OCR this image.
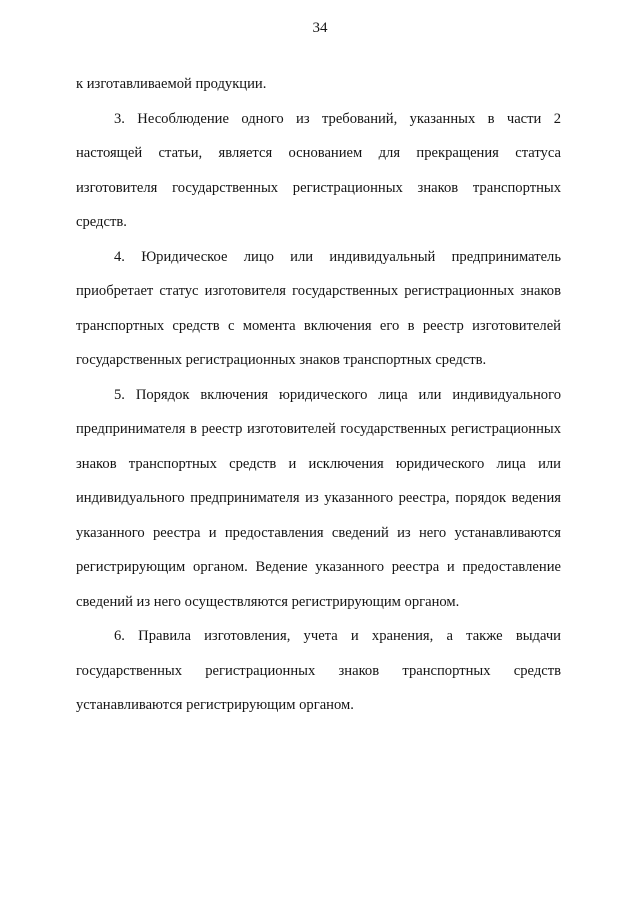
34

к изготавливаемой продукции.

3. Несоблюдение одного из требований, указанных в части 2 настоящей статьи, является основанием для прекращения статуса изготовителя государственных регистрационных знаков транспортных средств.

4. Юридическое лицо или индивидуальный предприниматель приобретает статус изготовителя государственных регистрационных знаков транспортных средств с момента включения его в реестр изготовителей государственных регистрационных знаков транспортных средств.

5. Порядок включения юридического лица или индивидуального предпринимателя в реестр изготовителей государственных регистрационных знаков транспортных средств и исключения юридического лица или индивидуального предпринимателя из указанного реестра, порядок ведения указанного реестра и предоставления сведений из него устанавливаются регистрирующим органом. Ведение указанного реестра и предоставление сведений из него осуществляются регистрирующим органом.

6. Правила изготовления, учета и хранения, а также выдачи государственных регистрационных знаков транспортных средств устанавливаются регистрирующим органом.
